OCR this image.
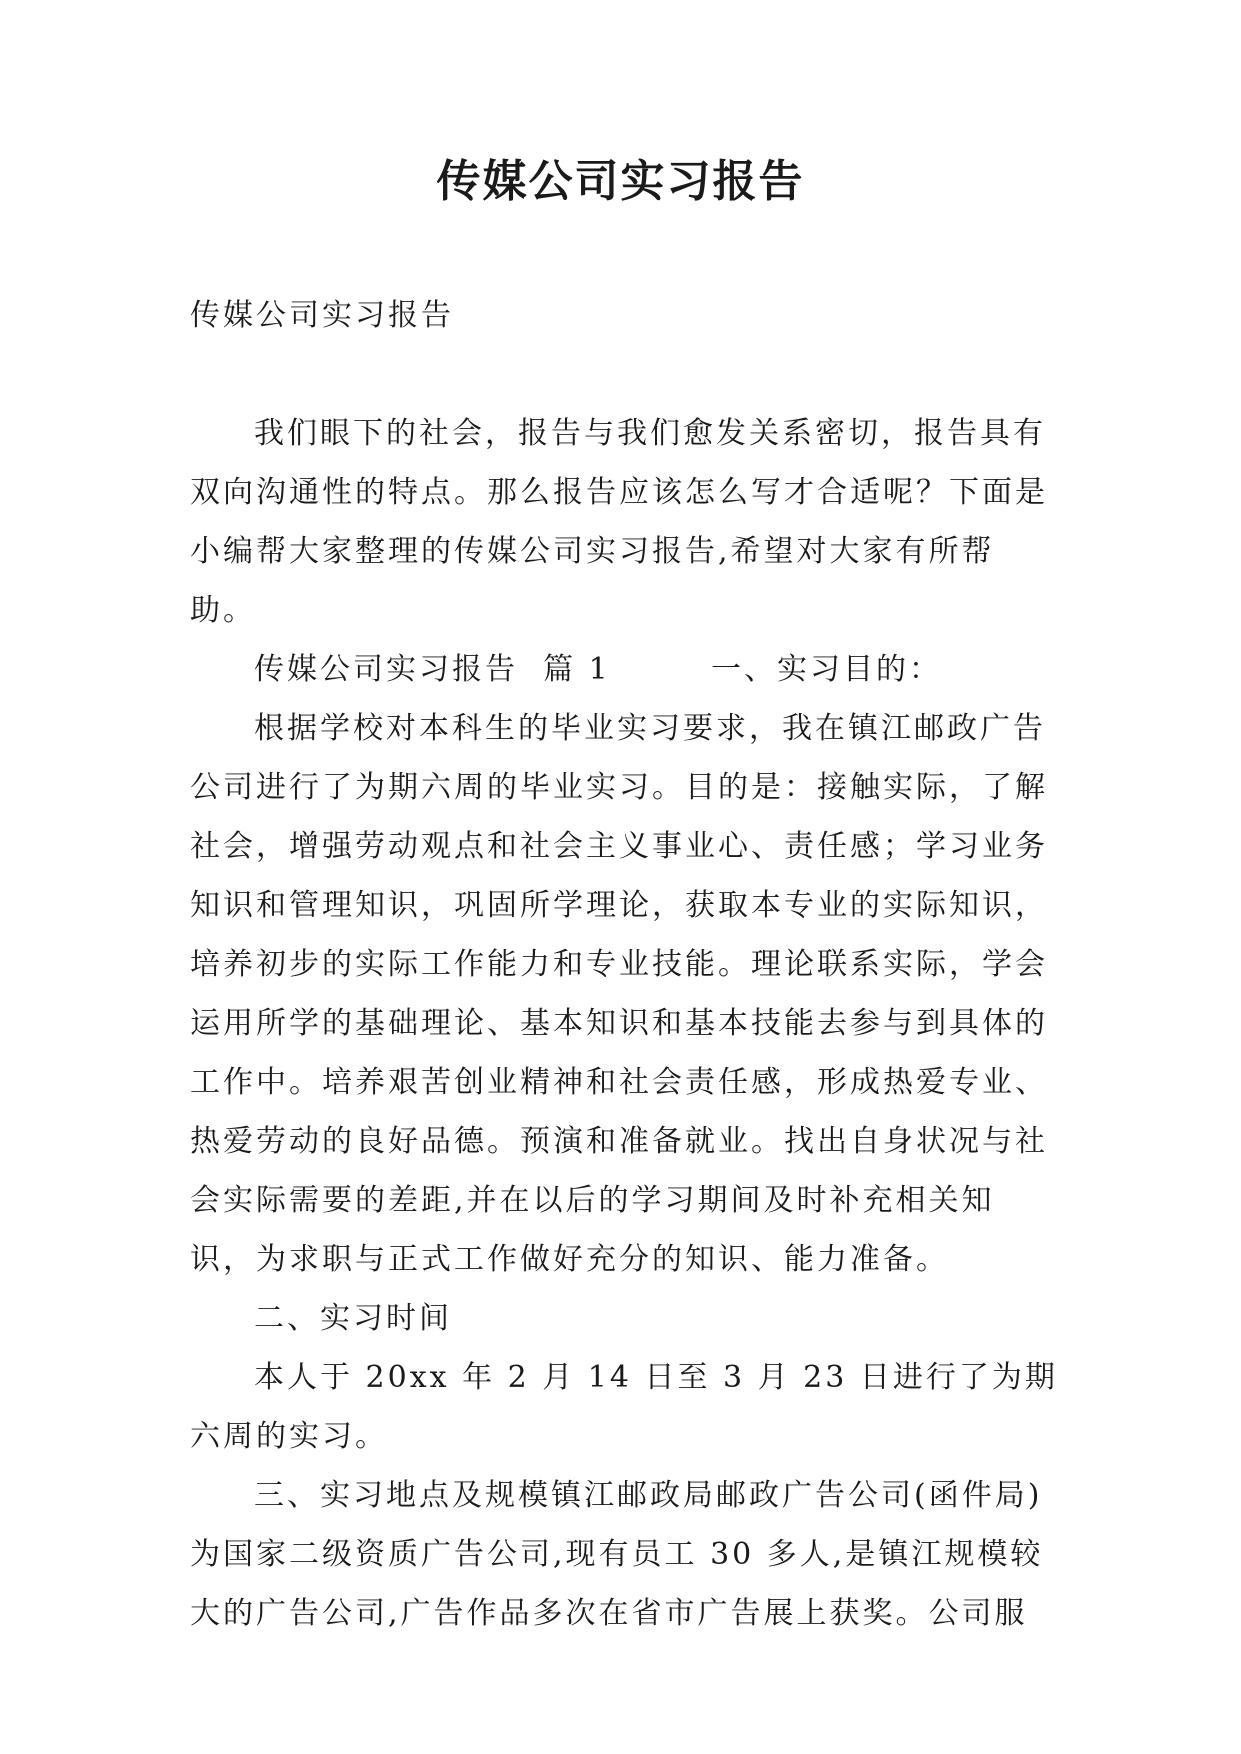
传媒公司实习报告

传媒公司实习报告

我们眼下的社会，报告与我们愈发关系密切，报告具有双向沟通性的特点。那么报告应该怎么写才合适呢？下面是小编帮大家整理的传媒公司实习报告,希望对大家有所帮助。

传媒公司实习报告  篇 1        一、实习目的：

根据学校对本科生的毕业实习要求，我在镇江邮政广告公司进行了为期六周的毕业实习。目的是：接触实际，了解社会，增强劳动观点和社会主义事业心、责任感；学习业务知识和管理知识，巩固所学理论，获取本专业的实际知识，培养初步的实际工作能力和专业技能。理论联系实际，学会运用所学的基础理论、基本知识和基本技能去参与到具体的工作中。培养艰苦创业精神和社会责任感，形成热爱专业、热爱劳动的良好品德。预演和准备就业。找出自身状况与社会实际需要的差距,并在以后的学习期间及时补充相关知识，为求职与正式工作做好充分的知识、能力准备。

二、实习时间

本人于 20xx 年 2 月 14 日至 3 月 23 日进行了为期六周的实习。

三、实习地点及规模镇江邮政局邮政广告公司(函件局)为国家二级资质广告公司,现有员工 30 多人,是镇江规模较大的广告公司,广告作品多次在省市广告展上获奖。公司服
